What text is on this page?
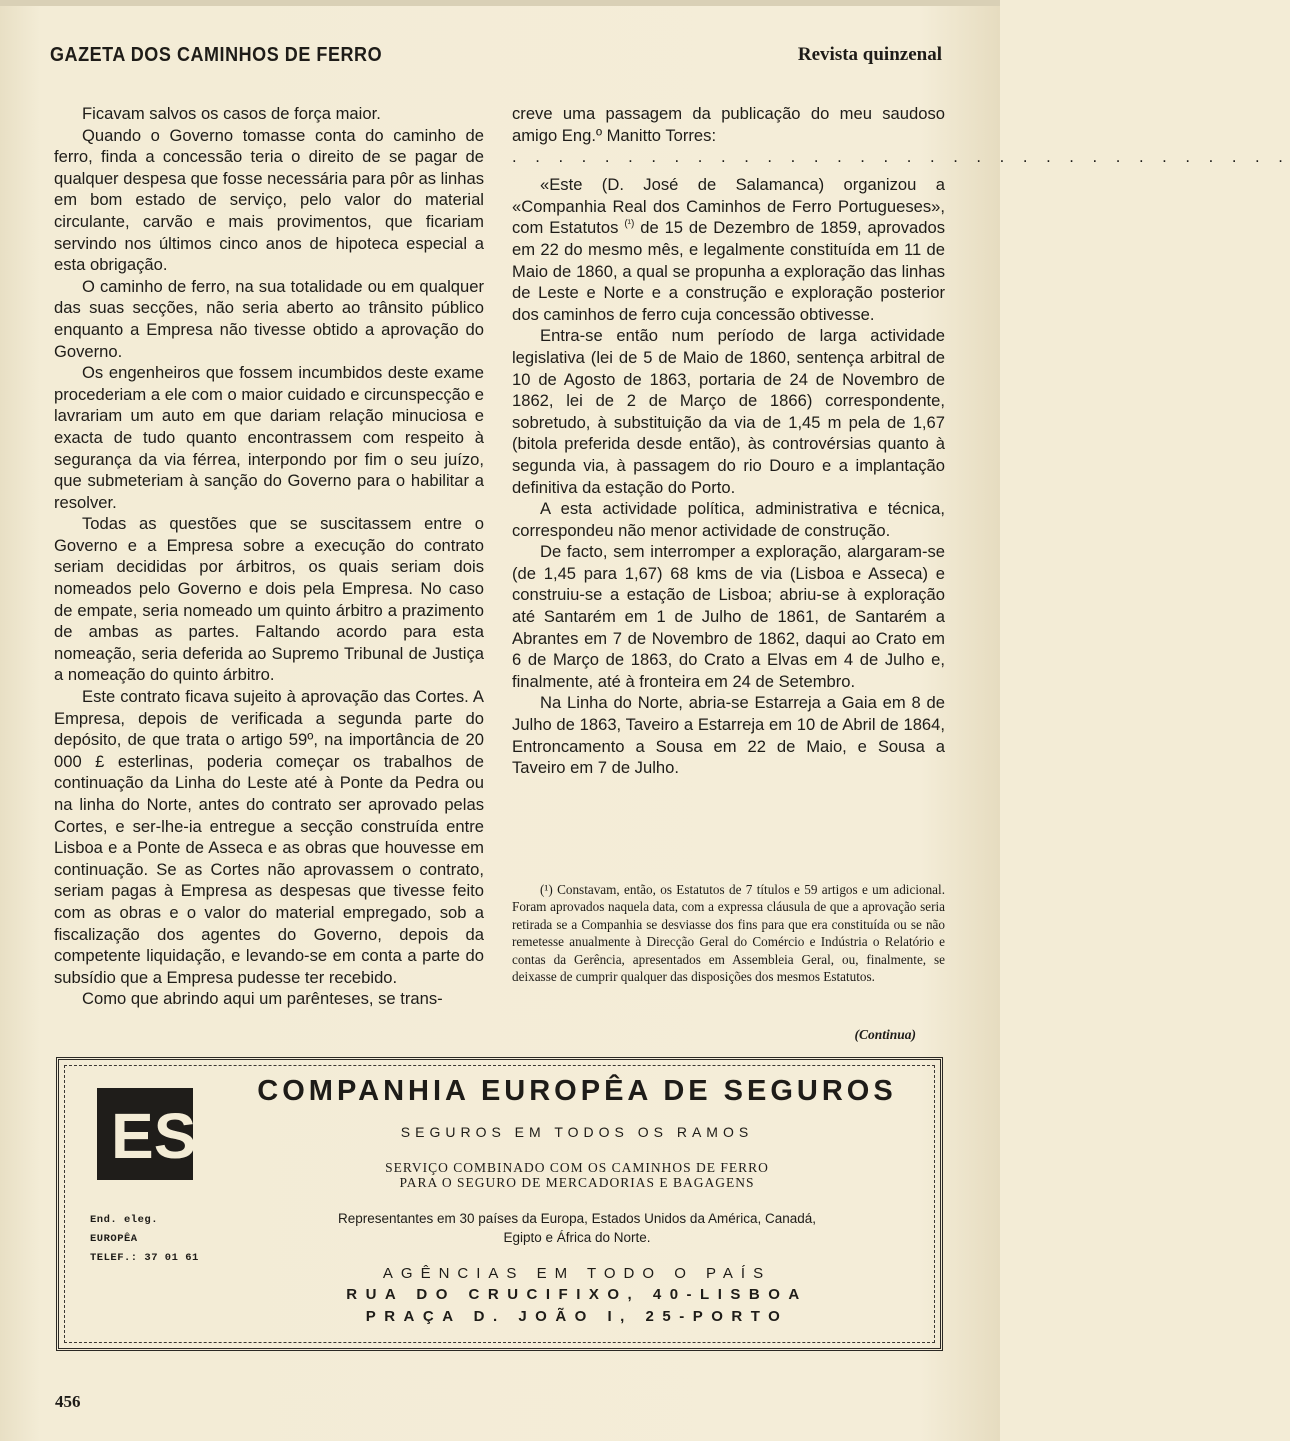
GAZETA DOS CAMINHOS DE FERRO	Revista quinzenal

Ficavam salvos os casos de força maior.

Quando o Governo tomasse conta do caminho de ferro, finda a concessão teria o direito de se pagar de qualquer despesa que fosse necessária para pôr as linhas em bom estado de serviço, pelo valor do material circulante, carvão e mais provimentos, que ficariam servindo nos últimos cinco anos de hipoteca especial a esta obrigação.

O caminho de ferro, na sua totalidade ou em qualquer das suas secções, não seria aberto ao trânsito público enquanto a Empresa não tivesse obtido a aprovação do Governo.

Os engenheiros que fossem incumbidos deste exame procederiam a ele com o maior cuidado e circunspecção e lavrariam um auto em que dariam relação minuciosa e exacta de tudo quanto encontrassem com respeito à segurança da via férrea, interpondo por fim o seu juízo, que submeteriam à sanção do Governo para o habilitar a resolver.

Todas as questões que se suscitassem entre o Governo e a Empresa sobre a execução do contrato seriam decididas por árbitros, os quais seriam dois nomeados pelo Governo e dois pela Empresa. No caso de empate, seria nomeado um quinto árbitro a prazimento de ambas as partes. Faltando acordo para esta nomeação, seria deferida ao Supremo Tribunal de Justiça a nomeação do quinto árbitro.

Este contrato ficava sujeito à aprovação das Cortes. A Empresa, depois de verificada a segunda parte do depósito, de que trata o artigo 59º, na importância de 20 000 £ esterlinas, poderia começar os trabalhos de continuação da Linha do Leste até à Ponte da Pedra ou na linha do Norte, antes do contrato ser aprovado pelas Cortes, e ser-lhe-ia entregue a secção construída entre Lisboa e a Ponte de Asseca e as obras que houvesse em continuação. Se as Cortes não aprovassem o contrato, seriam pagas à Empresa as despesas que tivesse feito com as obras e o valor do material empregado, sob a fiscalização dos agentes do Governo, depois da competente liquidação, e levando-se em conta a parte do subsídio que a Empresa pudesse ter recebido.

Como que abrindo aqui um parênteses, se trans-

creve uma passagem da publicação do meu saudoso amigo Eng.º Manitto Torres:

. . . . . . . . . . . . . . . . . . . . . . . . . . . . . . . . . .

«Este (D. José de Salamanca) organizou a «Companhia Real dos Caminhos de Ferro Portugueses», com Estatutos $^{(^1)}$ de 15 de Dezembro de 1859, aprovados em 22 do mesmo mês, e legalmente constituída em 11 de Maio de 1860, a qual se propunha a exploração das linhas de Leste e Norte e a construção e exploração posterior dos caminhos de ferro cuja concessão obtivesse.

Entra-se então num período de larga actividade legislativa (lei de 5 de Maio de 1860, sentença arbitral de 10 de Agosto de 1863, portaria de 24 de Novembro de 1862, lei de 2 de Março de 1866) correspondente, sobretudo, à substituição da via de 1,45 m pela de 1,67 (bitola preferida desde então), às controvérsias quanto à segunda via, à passagem do rio Douro e a implantação definitiva da estação do Porto.

A esta actividade política, administrativa e técnica, correspondeu não menor actividade de construção.

De facto, sem interromper a exploração, alargaram-se (de 1,45 para 1,67) 68 kms de via (Lisboa e Asseca) e construiu-se a estação de Lisboa; abriu-se à exploração até Santarém em 1 de Julho de 1861, de Santarém a Abrantes em 7 de Novembro de 1862, daqui ao Crato em 6 de Março de 1863, do Crato a Elvas em 4 de Julho e, finalmente, até à fronteira em 24 de Setembro.

Na Linha do Norte, abria-se Estarreja a Gaia em 8 de Julho de 1863, Taveiro a Estarreja em 10 de Abril de 1864, Entroncamento a Sousa em 22 de Maio, e Sousa a Taveiro em 7 de Julho.

(¹) Constavam, então, os Estatutos de 7 títulos e 59 artigos e um adicional. Foram aprovados naquela data, com a expressa cláusula de que a aprovação seria retirada se a Companhia se desviasse dos fins para que era constituída ou se não remetesse anualmente à Direcção Geral do Comércio e Indústria o Relatório e contas da Gerência, apresentados em Assembleia Geral, ou, finalmente, se deixasse de cumprir qualquer das disposições dos mesmos Estatutos.

(Continua)
ES
End. eleg. EUROPÊA
TELEF.: 37 01 61
COMPANHIA EUROPÊA DE SEGUROS
SEGUROS EM TODOS OS RAMOS
SERVIÇO COMBINADO COM OS CAMINHOS DE FERRO
PARA O SEGURO DE MERCADORIAS E BAGAGENS
Representantes em 30 países da Europa, Estados Unidos da América, Canadá,
Egipto e África do Norte.
AGÊNCIAS EM TODO O PAÍS
RUA DO CRUCIFIXO, 40-LISBOA
PRAÇA D. JOÃO I, 25-PORTO
456
